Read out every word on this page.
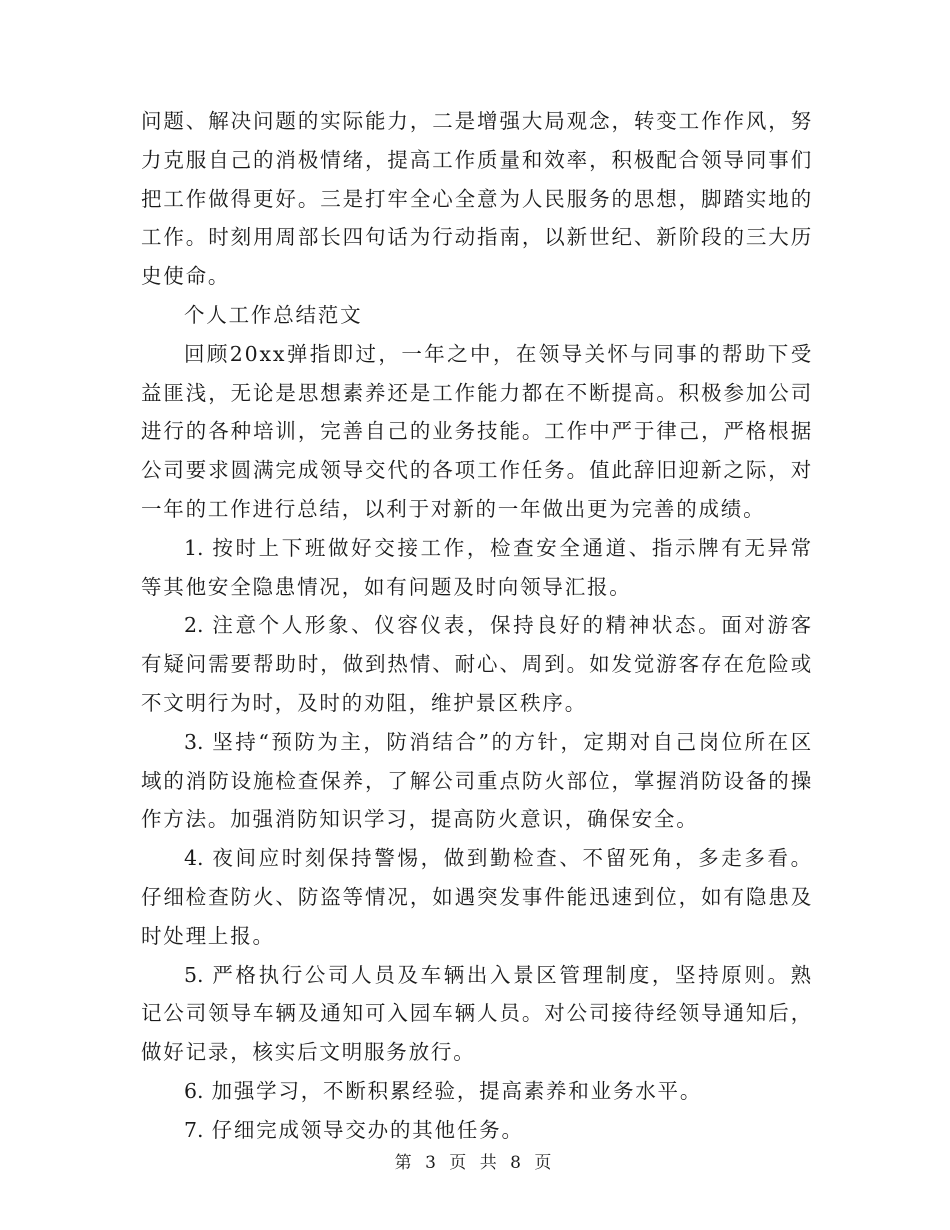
问题、解决问题的实际能力，二是增强大局观念，转变工作作风，努力克服自己的消极情绪，提高工作质量和效率，积极配合领导同事们把工作做得更好。三是打牢全心全意为人民服务的思想，脚踏实地的工作。时刻用周部长四句话为行动指南，以新世纪、新阶段的三大历史使命。

个人工作总结范文

回顾20xx弹指即过，一年之中，在领导关怀与同事的帮助下受益匪浅，无论是思想素养还是工作能力都在不断提高。积极参加公司进行的各种培训，完善自己的业务技能。工作中严于律己，严格根据公司要求圆满完成领导交代的各项工作任务。值此辞旧迎新之际，对一年的工作进行总结，以利于对新的一年做出更为完善的成绩。

1. 按时上下班做好交接工作，检查安全通道、指示牌有无异常等其他安全隐患情况，如有问题及时向领导汇报。

2. 注意个人形象、仪容仪表，保持良好的精神状态。面对游客有疑问需要帮助时，做到热情、耐心、周到。如发觉游客存在危险或不文明行为时，及时的劝阻，维护景区秩序。

3. 坚持“预防为主，防消结合”的方针，定期对自己岗位所在区域的消防设施检查保养，了解公司重点防火部位，掌握消防设备的操作方法。加强消防知识学习，提高防火意识，确保安全。

4. 夜间应时刻保持警惕，做到勤检查、不留死角，多走多看。仔细检查防火、防盗等情况，如遇突发事件能迅速到位，如有隐患及时处理上报。

5. 严格执行公司人员及车辆出入景区管理制度，坚持原则。熟记公司领导车辆及通知可入园车辆人员。对公司接待经领导通知后，做好记录，核实后文明服务放行。

6. 加强学习，不断积累经验，提高素养和业务水平。

7. 仔细完成领导交办的其他任务。

第 3 页 共 8 页
